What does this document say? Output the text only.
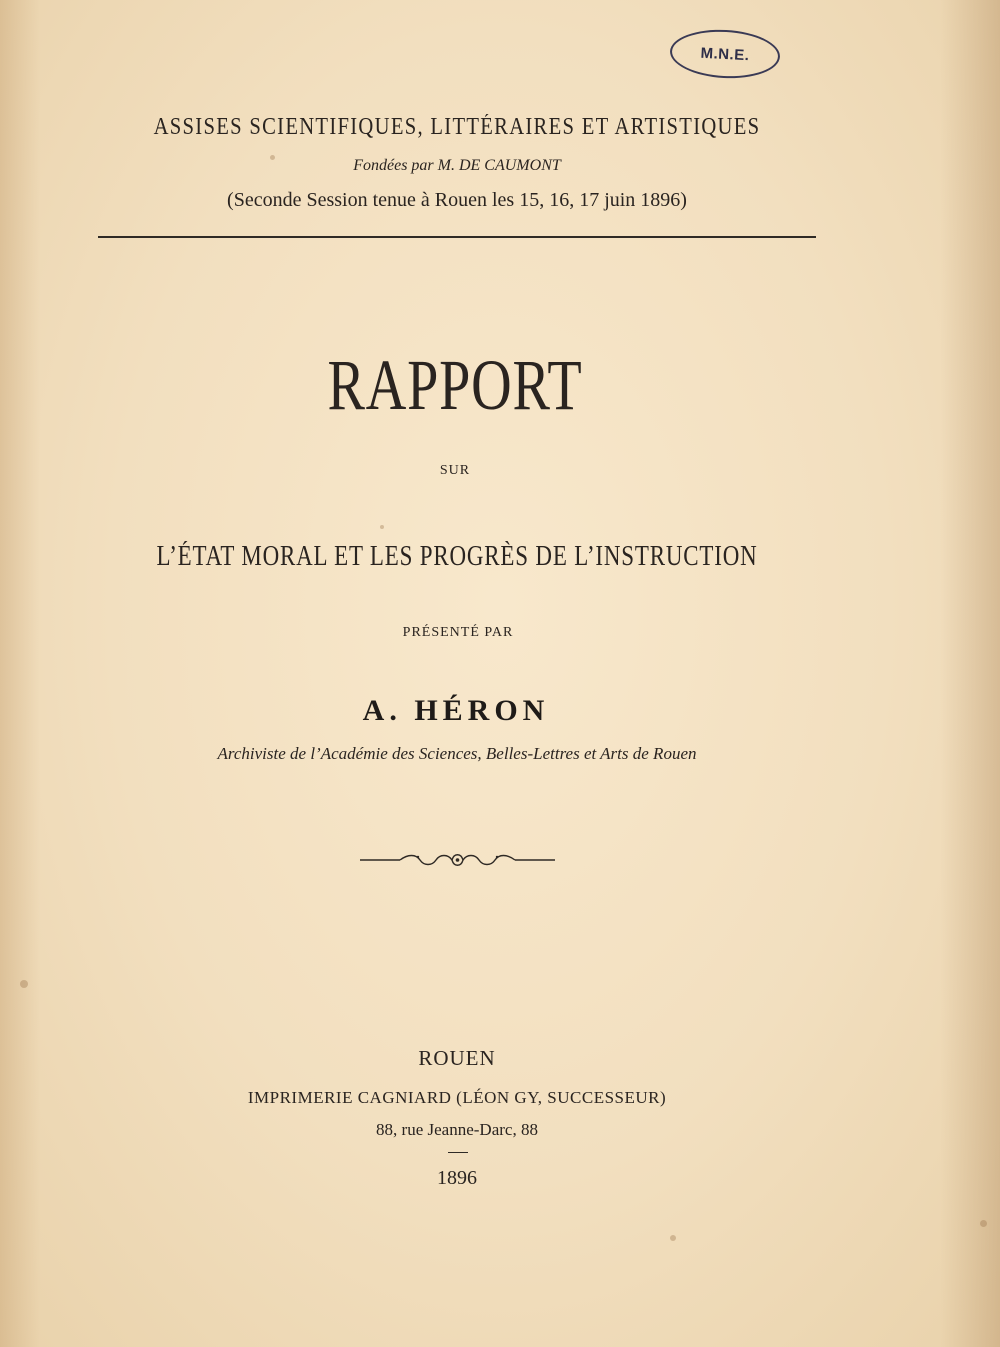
M.N.E.
ASSISES SCIENTIFIQUES, LITTÉRAIRES ET ARTISTIQUES
Fondées par M. DE CAUMONT
(Seconde Session tenue à Rouen les 15, 16, 17 juin 1896)
RAPPORT
SUR
L’ÉTAT MORAL ET LES PROGRÈS DE L’INSTRUCTION
PRÉSENTÉ PAR
A. HÉRON
Archiviste de l’Académie des Sciences, Belles-Lettres et Arts de Rouen
ROUEN
IMPRIMERIE CAGNIARD (LÉON GY, SUCCESSEUR)
88, rue Jeanne-Darc, 88
1896
